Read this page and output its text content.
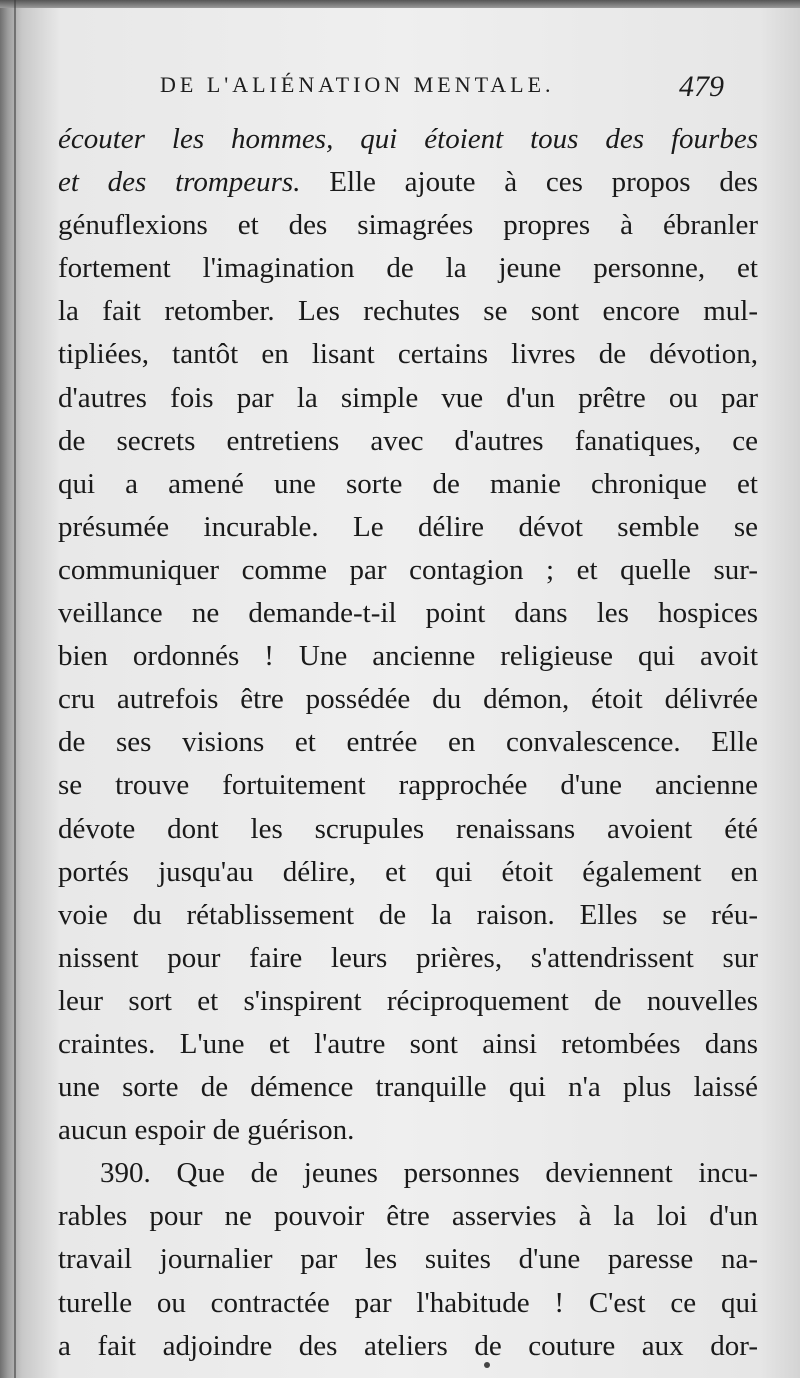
DE L'ALIÉNATION MENTALE.	479
écouter les hommes, qui étoient tous des fourbes
et des trompeurs. Elle ajoute à ces propos des
génuflexions et des simagrées propres à ébranler
fortement l'imagination de la jeune personne, et
la fait retomber. Les rechutes se sont encore mul-
tipliées, tantôt en lisant certains livres de dévotion,
d'autres fois par la simple vue d'un prêtre ou par
de secrets entretiens avec d'autres fanatiques, ce
qui a amené une sorte de manie chronique et
présumée incurable. Le délire dévot semble se
communiquer comme par contagion ; et quelle sur-
veillance ne demande-t-il point dans les hospices
bien ordonnés ! Une ancienne religieuse qui avoit
cru autrefois être possédée du démon, étoit délivrée
de ses visions et entrée en convalescence. Elle
se trouve fortuitement rapprochée d'une ancienne
dévote dont les scrupules renaissans avoient été
portés jusqu'au délire, et qui étoit également en
voie du rétablissement de la raison. Elles se réu-
nissent pour faire leurs prières, s'attendrissent sur
leur sort et s'inspirent réciproquement de nouvelles
craintes. L'une et l'autre sont ainsi retombées dans
une sorte de démence tranquille qui n'a plus laissé
aucun espoir de guérison.
390. Que de jeunes personnes deviennent incu-
rables pour ne pouvoir être asservies à la loi d'un
travail journalier par les suites d'une paresse na-
turelle ou contractée par l'habitude ! C'est ce qui
a fait adjoindre des ateliers de couture aux dor-
